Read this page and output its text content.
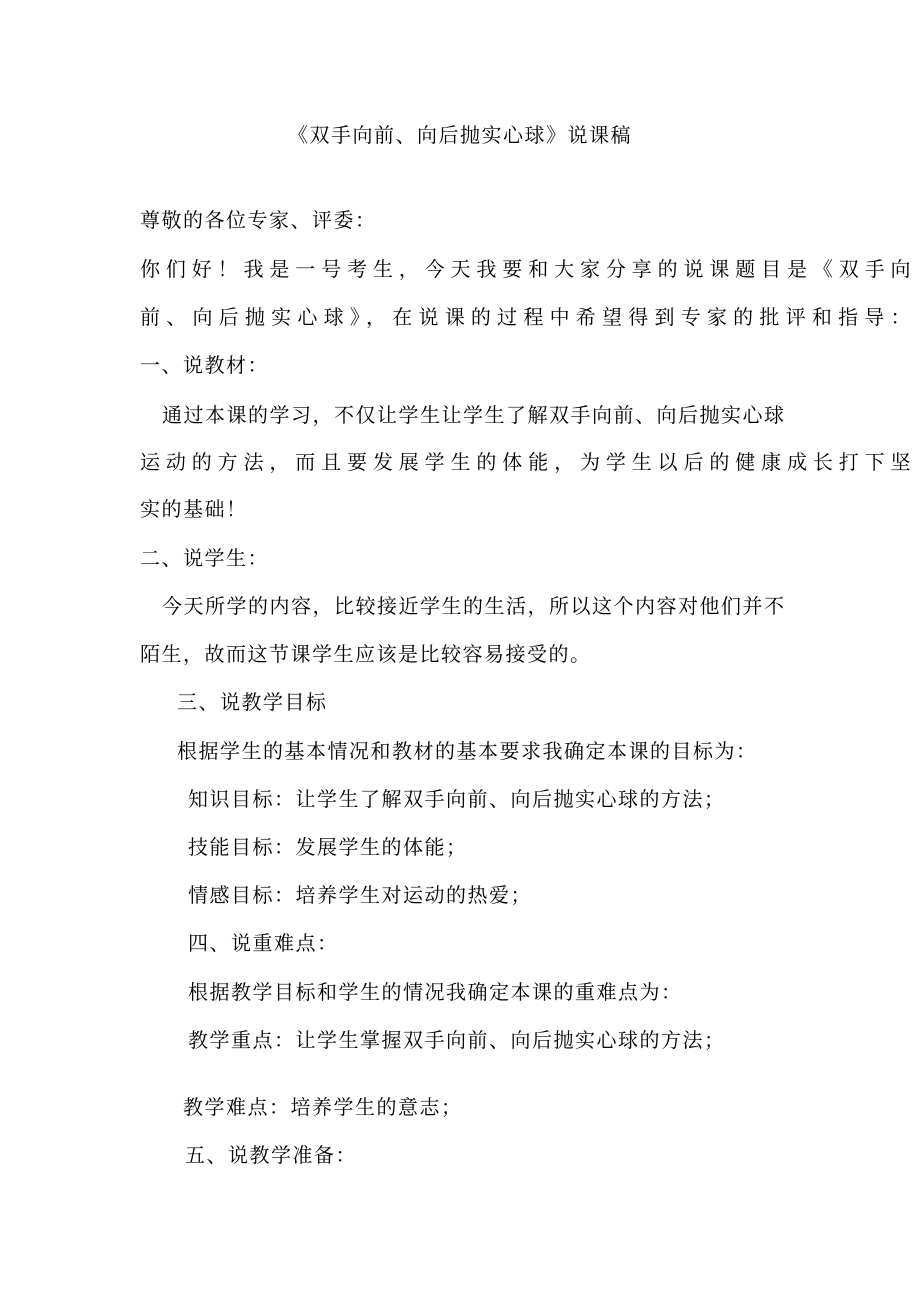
《双手向前、向后抛实心球》说课稿
尊敬的各位专家、评委：
你们好！我是一号考生，今天我要和大家分享的说课题目是《双手向
前、向后抛实心球》，在说课的过程中希望得到专家的批评和指导：
一、说教材：
通过本课的学习，不仅让学生让学生了解双手向前、向后抛实心球
运动的方法，而且要发展学生的体能，为学生以后的健康成长打下坚
实的基础！
二、说学生：
今天所学的内容，比较接近学生的生活，所以这个内容对他们并不
陌生，故而这节课学生应该是比较容易接受的。
三、说教学目标
根据学生的基本情况和教材的基本要求我确定本课的目标为：
知识目标：让学生了解双手向前、向后抛实心球的方法；
技能目标：发展学生的体能；
情感目标：培养学生对运动的热爱；
四、说重难点：
根据教学目标和学生的情况我确定本课的重难点为：
教学重点：让学生掌握双手向前、向后抛实心球的方法；
教学难点：培养学生的意志；
五、说教学准备：
